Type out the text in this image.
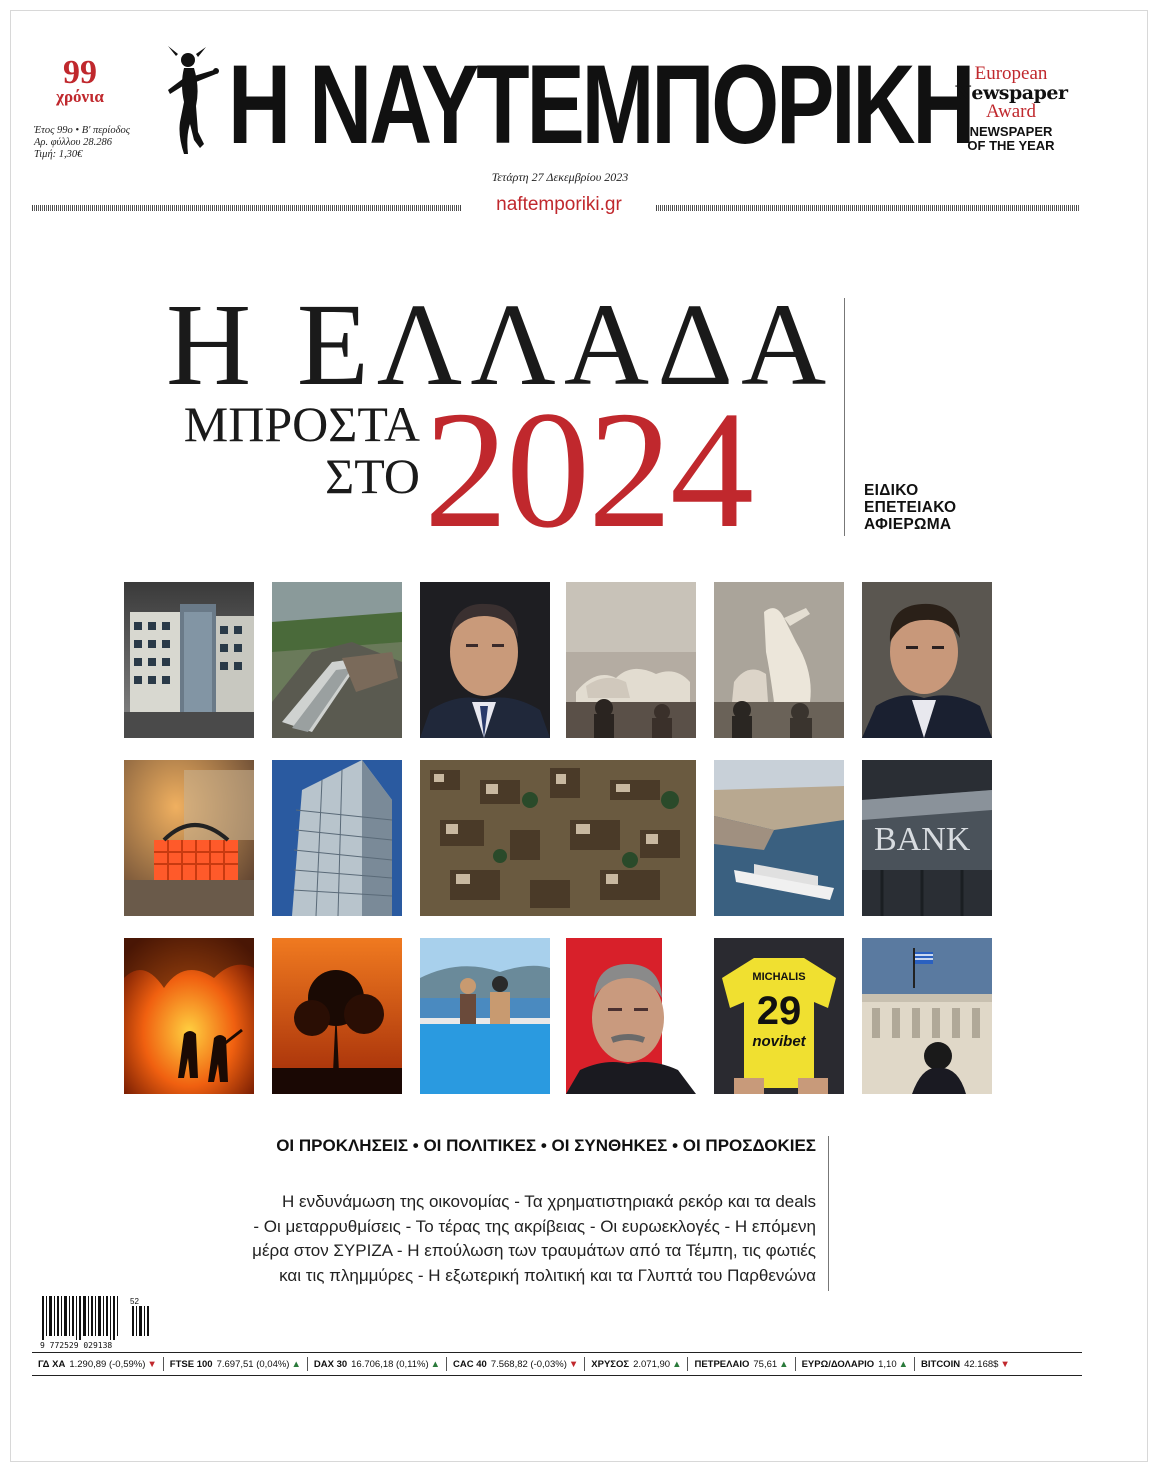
99
χρόνια
Έτος 99ο • Β' περίοδος
Αρ. φύλλου 28.286
Τιμή: 1,30€	Η ΝΑΥΤΕΜΠΟΡΙΚΗ
Τετάρτη 27 Δεκεμβρίου 2023
European
Newspaper
Award
NEWSPAPER
OF THE YEAR
naftemporiki.gr
Η ΕΛΛΑΔΑ
ΜΠΡΟΣΤΑ
ΣΤΟ 2024	ΕΙΔΙΚΟ
ΕΠΕΤΕΙΑΚΟ
ΑΦΙΕΡΩΜΑ
BANK
MICHALIS
29
novibet
ΟΙ ΠΡΟΚΛΗΣΕΙΣ • ΟΙ ΠΟΛΙΤΙΚΕΣ • ΟΙ ΣΥΝΘΗΚΕΣ • ΟΙ ΠΡΟΣΔΟΚΙΕΣ
Η ενδυνάμωση της οικονομίας - Τα χρηματιστηριακά ρεκόρ και τα deals
- Οι μεταρρυθμίσεις - Το τέρας της ακρίβειας - Οι ευρωεκλογές - Η επόμενη
μέρα στον ΣΥΡΙΖΑ - Η επούλωση των τραυμάτων από τα Τέμπη, τις φωτιές
και τις πλημμύρες - Η εξωτερική πολιτική και τα Γλυπτά του Παρθενώνα
9 772529 029138
52
ΓΔ ΧΑ 1.290,89 (-0,59%) ▼ FTSE 100 7.697,51 (0,04%) ▲ DAX 30 16.706,18 (0,11%) ▲ CAC 40 7.568,82 (-0,03%) ▼ ΧΡΥΣΟΣ 2.071,90 ▲ ΠΕΤΡΕΛΑΙΟ 75,61 ▲ ΕΥΡΩ/ΔΟΛΑΡΙΟ 1,10 ▲ BITCOIN 42.168$ ▼
